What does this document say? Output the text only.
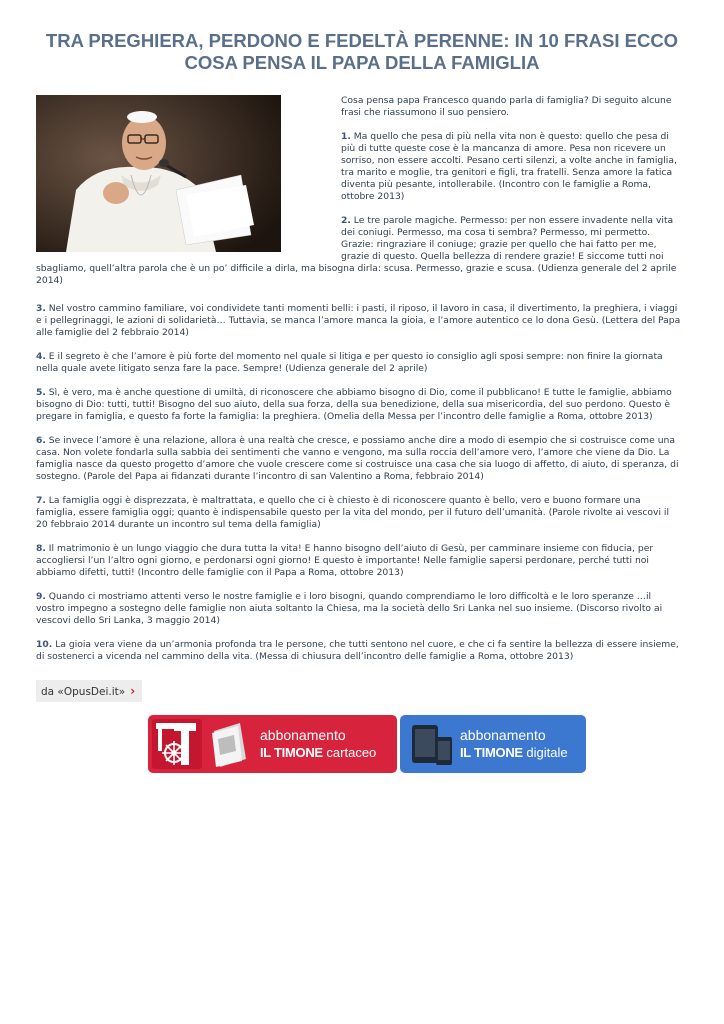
TRA PREGHIERA, PERDONO E FEDELTÀ PERENNE: IN 10 FRASI ECCO COSA PENSA IL PAPA DELLA FAMIGLIA

Cosa pensa papa Francesco quando parla di famiglia? Di seguito alcune frasi che riassumono il suo pensiero.

1. Ma quello che pesa di più nella vita non è questo: quello che pesa di più di tutte queste cose è la mancanza di amore. Pesa non ricevere un sorriso, non essere accolti. Pesano certi silenzi, a volte anche in famiglia, tra marito e moglie, tra genitori e figli, tra fratelli. Senza amore la fatica diventa più pesante, intollerabile. (Incontro con le famiglie a Roma, ottobre 2013)

2. Le tre parole magiche. Permesso: per non essere invadente nella vita dei coniugi. Permesso, ma cosa ti sembra? Permesso, mi permetto. Grazie: ringraziare il coniuge; grazie per quello che hai fatto per me, grazie di questo. Quella bellezza di rendere grazie! E siccome tutti noi sbagliamo, quell’altra parola che è un po’ difficile a dirla, ma bisogna dirla: scusa. Permesso, grazie e scusa. (Udienza generale del 2 aprile 2014)

3. Nel vostro cammino familiare, voi condividete tanti momenti belli: i pasti, il riposo, il lavoro in casa, il divertimento, la preghiera, i viaggi e i pellegrinaggi, le azioni di solidarietà… Tuttavia, se manca l’amore manca la gioia, e l’amore autentico ce lo dona Gesù. (Lettera del Papa alle famiglie del 2 febbraio 2014)

4. E il segreto è che l’amore è più forte del momento nel quale si litiga e per questo io consiglio agli sposi sempre: non finire la giornata nella quale avete litigato senza fare la pace. Sempre! (Udienza generale del 2 aprile)

5. Sì, è vero, ma è anche questione di umiltà, di riconoscere che abbiamo bisogno di Dio, come il pubblicano! E tutte le famiglie, abbiamo bisogno di Dio: tutti, tutti! Bisogno del suo aiuto, della sua forza, della sua benedizione, della sua misericordia, del suo perdono. Questo è pregare in famiglia, e questo fa forte la famiglia: la preghiera. (Omelia della Messa per l’incontro delle famiglie a Roma, ottobre 2013)

6. Se invece l’amore è una relazione, allora è una realtà che cresce, e possiamo anche dire a modo di esempio che si costruisce come una casa. Non volete fondarla sulla sabbia dei sentimenti che vanno e vengono, ma sulla roccia dell’amore vero, l’amore che viene da Dio. La famiglia nasce da questo progetto d’amore che vuole crescere come si costruisce una casa che sia luogo di affetto, di aiuto, di speranza, di sostegno. (Parole del Papa ai fidanzati durante l’incontro di san Valentino a Roma, febbraio 2014)

7. La famiglia oggi è disprezzata, è maltrattata, e quello che ci è chiesto è di riconoscere quanto è bello, vero e buono formare una famiglia, essere famiglia oggi; quanto è indispensabile questo per la vita del mondo, per il futuro dell’umanità. (Parole rivolte ai vescovi il 20 febbraio 2014 durante un incontro sul tema della famiglia)

8. Il matrimonio è un lungo viaggio che dura tutta la vita! E hanno bisogno dell’aiuto di Gesù, per camminare insieme con fiducia, per accogliersi l’un l’altro ogni giorno, e perdonarsi ogni giorno! E questo è importante! Nelle famiglie sapersi perdonare, perché tutti noi abbiamo difetti, tutti! (Incontro delle famiglie con il Papa a Roma, ottobre 2013)

9. Quando ci mostriamo attenti verso le nostre famiglie e i loro bisogni, quando comprendiamo le loro difficoltà e le loro speranze …il vostro impegno a sostegno delle famiglie non aiuta soltanto la Chiesa, ma la società dello Sri Lanka nel suo insieme. (Discorso rivolto ai vescovi dello Sri Lanka, 3 maggio 2014)

10. La gioia vera viene da un’armonia profonda tra le persone, che tutti sentono nel cuore, e che ci fa sentire la bellezza di essere insieme, di sostenerci a vicenda nel cammino della vita. (Messa di chiusura dell’incontro delle famiglie a Roma, ottobre 2013)

da «OpusDei.it» ›
abbonamento
IL TIMONE cartaceo
abbonamento
IL TIMONE digitale
